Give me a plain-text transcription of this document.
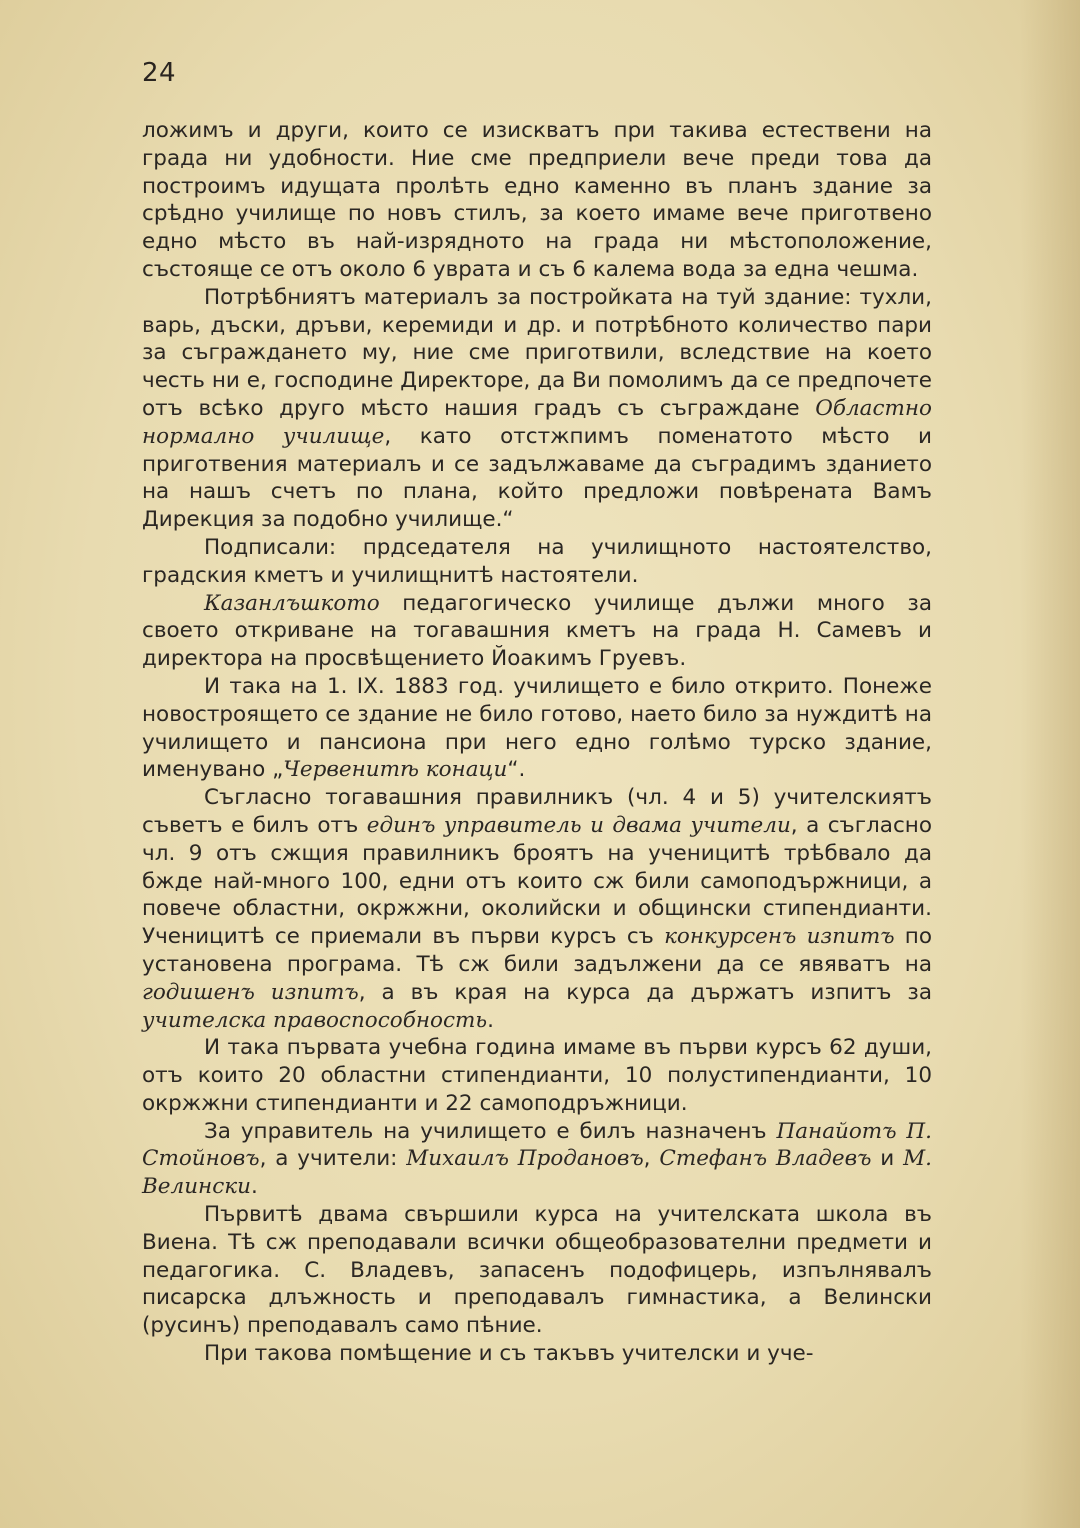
24

ложимъ и други, които се изискватъ при такива естествени на града ни удобности. Ние сме предприели вече преди това да построимъ идущата пролѣть едно каменно въ планъ здание за срѣдно училище по новъ стилъ, за което имаме вече приготвено едно мѣсто въ най-изрядното на града ни мѣстоположение, състояще се отъ около 6 уврата и съ 6 калема вода за една чешма.

Потрѣбниятъ материалъ за постройката на туй здание: тухли, варь, дъски, дръви, керемиди и др. и потрѣбното количество пари за съграждането му, ние сме приготвили, вследствие на което честь ни е, господине Директоре, да Ви помолимъ да се предпочете отъ всѣко друго мѣсто нашия градъ съ съграждане Областно нормално училище, като отстжпимъ поменатото мѣсто и приготвения материалъ и се задължаваме да съградимъ зданието на нашъ счетъ по плана, който предложи повѣрената Вамъ Дирекция за подобно училище.“

Подписали: прдседателя на училищното настоятелство, градския кметъ и училищнитѣ настоятели.

Казанлъшкото педагогическо училище дължи много за своето откриване на тогавашния кметъ на града Н. Самевъ и директора на просвѣщението Йоакимъ Груевъ.

И така на 1. IX. 1883 год. училището е било открито. Понеже новостроящето се здание не било готово, наето било за нуждитѣ на училището и пансиона при него едно голѣмо турско здание, именувано „Червенитѣ конаци“.

Съгласно тогавашния правилникъ (чл. 4 и 5) учителскиятъ съветъ е билъ отъ единъ управитель и двама учители, а съгласно чл. 9 отъ сжщия правилникъ броятъ на ученицитѣ трѣбвало да бжде най-много 100, едни отъ които сж били самоподържници, а повече областни, окржжни, околийски и общински стипендианти. Ученицитѣ се приемали въ първи курсъ съ конкурсенъ изпитъ по установена програма. Тѣ сж били задължени да се явяватъ на годишенъ изпитъ, а въ края на курса да държатъ изпитъ за учителска правоспособность.

И така първата учебна година имаме въ първи курсъ 62 души, отъ които 20 областни стипендианти, 10 полустипендианти, 10 окржжни стипендианти и 22 самоподръжници.

За управитель на училището е билъ назначенъ Панайотъ П. Стойновъ, а учители: Михаилъ Продановъ, Стефанъ Владевъ и М. Велински.

Първитѣ двама свършили курса на учителската школа въ Виена. Тѣ сж преподавали всички общеобразователни предмети и педагогика. С. Владевъ, запасенъ подофицерь, изпълнявалъ писарска длъжность и преподавалъ гимнастика, а Велински (русинъ) преподавалъ само пѣние.

При такова помѣщение и съ такъвъ учителски и уче-
